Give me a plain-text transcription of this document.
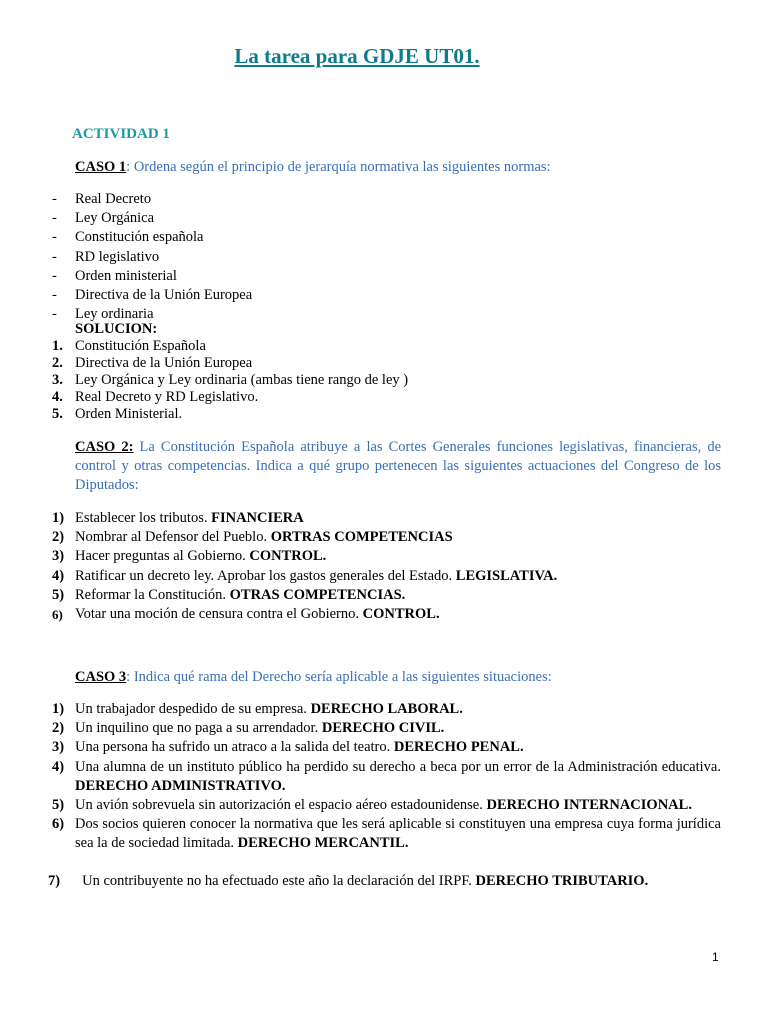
La tarea para GDJE UT01.
ACTIVIDAD 1
CASO 1: Ordena según el principio de jerarquía normativa las siguientes normas:
- Real Decreto
- Ley Orgánica
- Constitución española
- RD legislativo
- Orden ministerial
- Directiva de la Unión Europea
- Ley ordinaria
SOLUCION:
1. Constitución Española
2. Directiva de la Unión Europea
3. Ley Orgánica y Ley ordinaria (ambas tiene rango de ley )
4. Real Decreto y RD Legislativo.
5. Orden Ministerial.
CASO 2: La Constitución Española atribuye a las Cortes Generales funciones legislativas, financieras, de control y otras competencias. Indica a qué grupo pertenecen las siguientes actuaciones del Congreso de los Diputados:
1) Establecer los tributos. FINANCIERA
2) Nombrar al Defensor del Pueblo. ORTRAS COMPETENCIAS
3) Hacer preguntas al Gobierno. CONTROL.
4) Ratificar un decreto ley. Aprobar los gastos generales del Estado. LEGISLATIVA.
5) Reformar la Constitución. OTRAS COMPETENCIAS.
6) Votar una moción de censura contra el Gobierno. CONTROL.
CASO 3: Indica qué rama del Derecho sería aplicable a las siguientes situaciones:
1) Un trabajador despedido de su empresa. DERECHO LABORAL.
2) Un inquilino que no paga a su arrendador. DERECHO CIVIL.
3) Una persona ha sufrido un atraco a la salida del teatro. DERECHO PENAL.
4) Una alumna de un instituto público ha perdido su derecho a beca por un error de la Administración educativa. DERECHO ADMINISTRATIVO.
5) Un avión sobrevuela sin autorización el espacio aéreo estadounidense. DERECHO INTERNACIONAL.
6) Dos socios quieren conocer la normativa que les será aplicable si constituyen una empresa cuya forma jurídica sea la de sociedad limitada. DERECHO MERCANTIL.
7) Un contribuyente no ha efectuado este año la declaración del IRPF. DERECHO TRIBUTARIO.
1
